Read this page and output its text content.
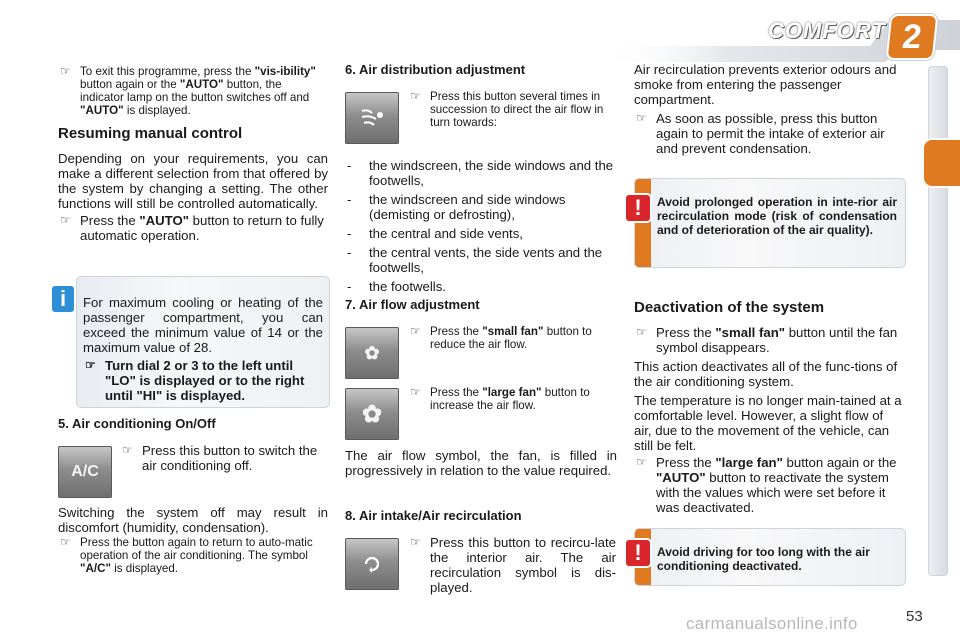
COMFORT 2
☞ To exit this programme, press the "vis-ibility" button again or the "AUTO" button, the indicator lamp on the button switches off and "AUTO" is displayed.
Resuming manual control
Depending on your requirements, you can make a different selection from that offered by the system by changing a setting. The other functions will still be controlled automatically.
☞ Press the "AUTO" button to return to fully automatic operation.
For maximum cooling or heating of the passenger compartment, you can exceed the minimum value of 14 or the maximum value of 28.
☞ Turn dial 2 or 3 to the left until "LO" is displayed or to the right until "HI" is displayed.
i
5. Air conditioning On/Off
A/C
☞ Press this button to switch the air conditioning off.
Switching the system off may result in discomfort (humidity, condensation).
☞ Press the button again to return to auto-matic operation of the air conditioning. The symbol "A/C" is displayed.
6. Air distribution adjustment
☞ Press this button several times in succession to direct the air flow in turn towards:
- the windscreen, the side windows and the footwells,
- the windscreen and side windows (demisting or defrosting),
- the central and side vents,
- the central vents, the side vents and the footwells,
- the footwells.
7. Air flow adjustment
✿
☞ Press the "small fan" button to reduce the air flow.
✿
☞ Press the "large fan" button to increase the air flow.
The air flow symbol, the fan, is filled in progressively in relation to the value required.
8. Air intake/Air recirculation
☞ Press this button to recircu-late the interior air. The air recirculation symbol is dis-played.
Air recirculation prevents exterior odours and smoke from entering the passenger compartment.
☞ As soon as possible, press this button again to permit the intake of exterior air and prevent condensation.
Avoid prolonged operation in inte-rior air recirculation mode (risk of condensation and of deterioration of the air quality).
!
Deactivation of the system
☞ Press the "small fan" button until the fan symbol disappears.
This action deactivates all of the func-tions of the air conditioning system.
The temperature is no longer main-tained at a comfortable level. However, a slight flow of air, due to the movement of the vehicle, can still be felt.
☞ Press the "large fan" button again or the "AUTO" button to reactivate the system with the values which were set before it was deactivated.
Avoid driving for too long with the air conditioning deactivated.
!
53
carmanualsonline.info
